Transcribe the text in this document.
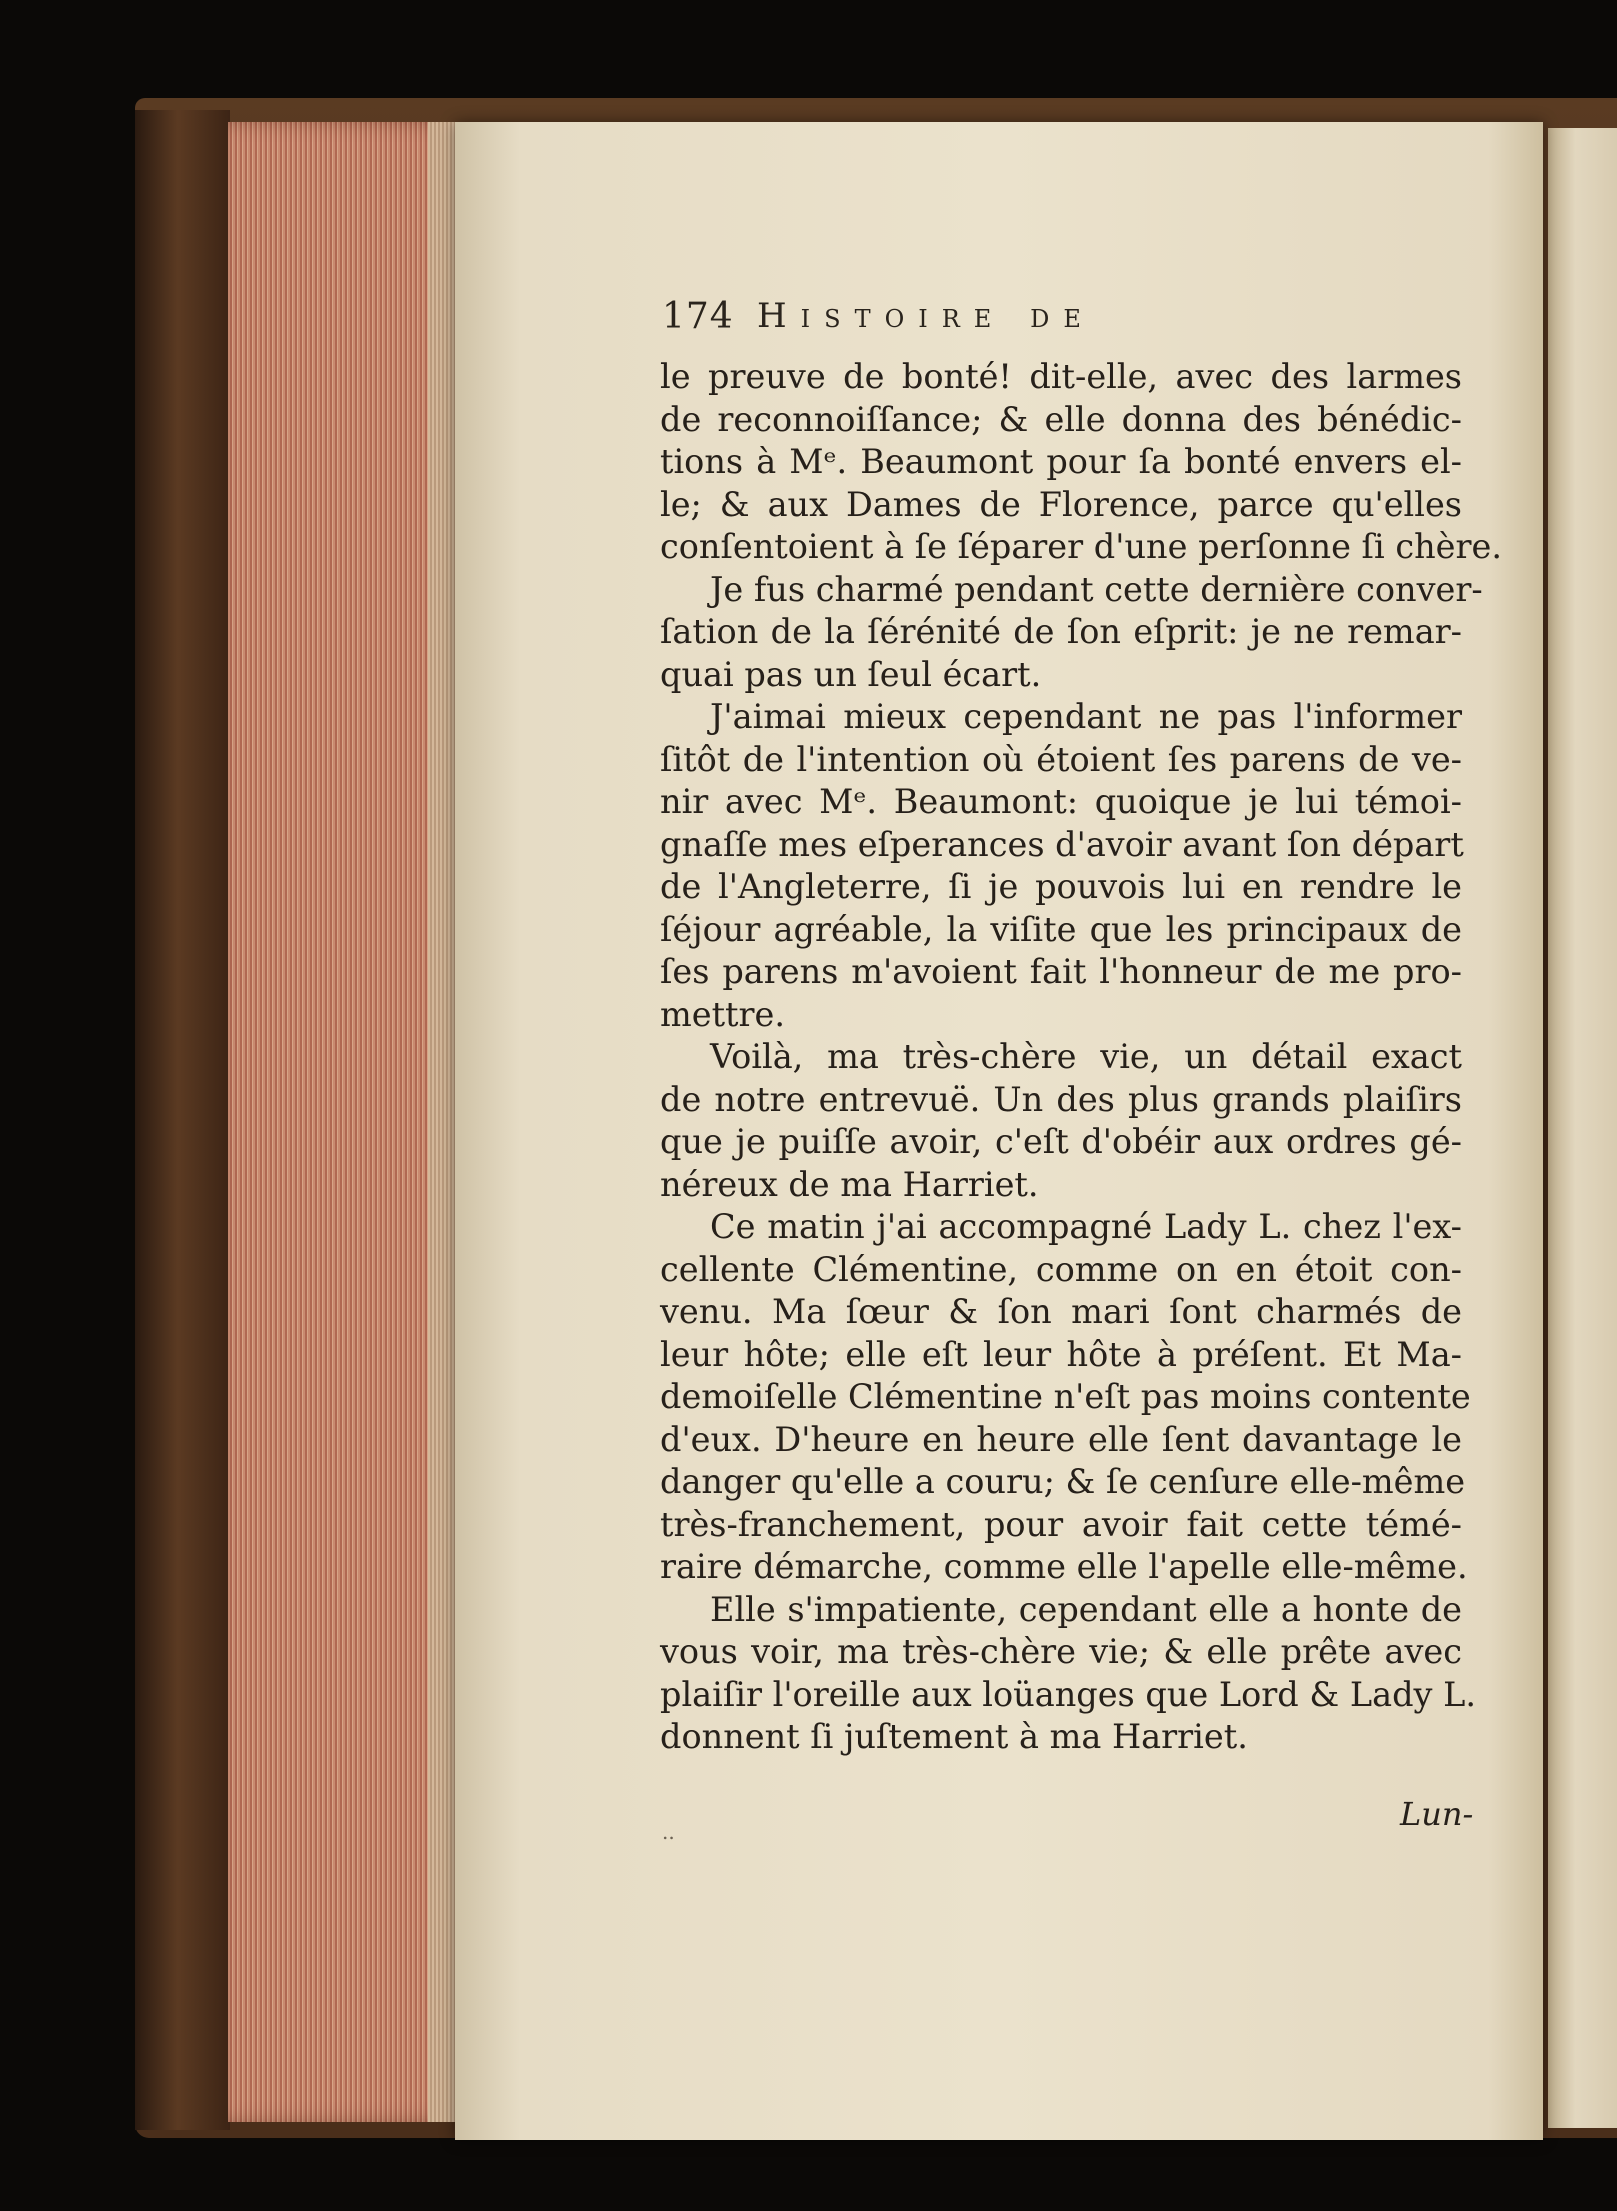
174 Histoire de
le preuve de bonté! dit-elle, avec des larmes
de reconnoiſſance; & elle donna des bénédic-
tions à Mᵉ. Beaumont pour ſa bonté envers el-
le; & aux Dames de Florence, parce qu'elles
conſentoient à ſe ſéparer d'une perſonne ſi chère.
Je fus charmé pendant cette dernière conver-
ſation de la ſérénité de ſon eſprit: je ne remar-
quai pas un ſeul écart.
J'aimai mieux cependant ne pas l'informer
ſitôt de l'intention où étoient ſes parens de ve-
nir avec Mᵉ. Beaumont: quoique je lui témoi-
gnaſſe mes eſperances d'avoir avant ſon départ
de l'Angleterre, ſi je pouvois lui en rendre le
ſéjour agréable, la viſite que les principaux de
ſes parens m'avoient fait l'honneur de me pro-
mettre.
Voilà, ma très-chère vie, un détail exact
de notre entrevuë. Un des plus grands plaiſirs
que je puiſſe avoir, c'eſt d'obéir aux ordres gé-
néreux de ma Harriet.
Ce matin j'ai accompagné Lady L. chez l'ex-
cellente Clémentine, comme on en étoit con-
venu. Ma ſœur & ſon mari ſont charmés de
leur hôte; elle eſt leur hôte à préſent. Et Ma-
demoiſelle Clémentine n'eſt pas moins contente
d'eux. D'heure en heure elle ſent davantage le
danger qu'elle a couru; & ſe cenſure elle-même
très-franchement, pour avoir fait cette témé-
raire démarche, comme elle l'apelle elle-même.
Elle s'impatiente, cependant elle a honte de
vous voir, ma très-chère vie; & elle prête avec
plaiſir l'oreille aux loüanges que Lord & Lady L.
donnent ſi juſtement à ma Harriet.
..	Lun-
